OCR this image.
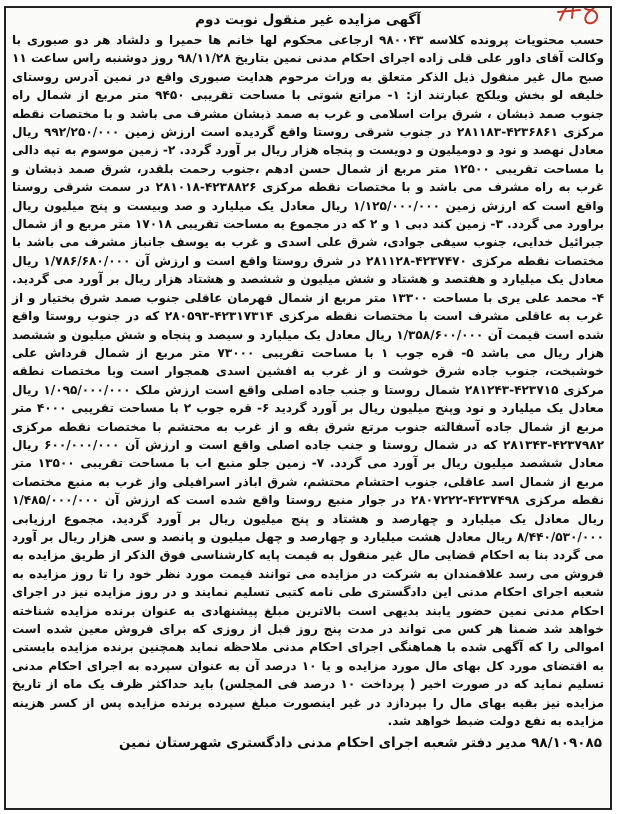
آگهی مزایده غیر منقول نوبت دوم

حسب محتویات پرونده کلاسه ۹۸۰۰۴۳ ارجاعی محکوم لها خانم ها حمیرا و دلشاد هر دو صبوری با وکالت آقای داور علی قلی زاده اجرای احکام مدنی نمین بتاریخ ۹۸/۱۱/۲۸ روز دوشنبه راس ساعت ۱۱ صبح مال غیر منقول ذیل الذکر متعلق به وراث مرحوم هدایت صبوری واقع در نمین آدرس روستای خلیفه لو بخش ویلکج عبارتند از: ۱- مراتع شوتی با مساحت تقریبی ۹۴۵۰ متر مربع از شمال راه جنوب صمد ذبشان ، شرق برات اسلامی و غرب به صمد ذبشان مشرف می باشد و با مختصات نقطه مرکزی ۴۲۳۶۸۶۱-۲۸۱۱۸۳ در جنوب شرقی روستا واقع گردیده است ارزش زمین ۹۹۲/۲۵۰/۰۰۰ ریال معادل نهصد و نود و دومیلیون و دویست و پنجاه هزار ریال بر آورد گردد. ۲- زمین موسوم به تپه دالی با مساحت تقریبی ۱۲۵۰۰ متر مربع از شمال حسن ادهم ،جنوب رحمت بلقدر، شرق صمد ذبشان و غرب به راه مشرف می باشد و با مختصات نقطه مرکزی ۴۲۳۸۸۲۶-۲۸۱۰۱۸ در سمت شرقی روستا واقع است که ارزش زمین ۱/۱۲۵/۰۰۰/۰۰۰ ریال معادل یک میلیارد و صد وبیست و پنج میلیون ریال براورد می گردد. ۳- زمین کند دبی ۱ و ۲ که در مجموع به مساحت تقریبی ۱۷۰۱۸ متر مربع و از شمال جبرائیل خدایی، جنوب سیفی جوادی، شرق علی اسدی و غرب به یوسف جانباز مشرف می باشد با مختصات نقطه مرکزی ۴۲۳۷۴۷۰-۲۸۱۱۲۸ در شرق روستا واقع است و ارزش آن ۱/۷۸۶/۶۸۰/۰۰۰ ریال معادل یک میلیارد و هفتصد و هشتاد و شش میلیون و ششصد و هشتاد هزار ریال بر آورد می گردید. ۴- محمد علی یری با مساحت ۱۳۳۰۰ متر مربع از شمال قهرمان عاقلی جنوب صمد شرق بختیار و از غرب به عاقلی مشرف است با مختصات نقطه مرکزی ۴۲۳۱۷۳۱۴-۲۸۰۵۹۳ که در جنوب روستا واقع شده است قیمت آن ۱/۳۵۸/۶۰۰/۰۰۰ ریال معادل یک میلیارد و سیصد و پنجاه و شش میلیون و ششصد هزار ریال می باشد ۵- قره جوب ۱ با مساحت تقریبی ۷۳۰۰۰ متر مربع از شمال قرداش علی خوشبخت، جنوب جاده شرق خوشت و از غرب به افشین اسدی همجوار است وبا مختصات نطقه مرکزی ۴۲۳۷۱۵-۲۸۱۲۴۳ شمال روستا و جنب جاده اصلی واقع است ارزش ملک ۱/۰۹۵/۰۰۰/۰۰۰ ریال معادل یک میلیارد و نود وپنج میلیون ریال بر آورد گردید ۶- قره جوب ۲ با مساحت تقریبی ۴۰۰۰ متر مربع از شمال جاده آسفالته جنوب مرتع شرق بقه و از غرب به محتشم با مختصات نقطه مرکزی ۴۲۳۷۹۸۲-۲۸۱۳۴۳ که در شمال روستا و جنب جاده اصلی واقع است و ارزش آن ۶۰۰/۰۰۰/۰۰۰ ریال معادل ششصد میلیون ریال بر آورد می گردد. ۷- زمین جلو منبع اب با مساحت تقریبی ۱۳۵۰۰ متر مربع از شمال اسد عاقلی، جنوب احتشام محتشم، شرق اباذر اسرافیلی واز غرب به منبع مختصات نقطه مرکزی ۴۲۳۷۴۹۸-۲۸۰۷۲۲۲ در جوار منبع روستا واقع شده است که ارزش آن ۱/۴۸۵/۰۰۰/۰۰۰ ریال معادل یک میلیارد و چهارصد و هشتاد و پنج میلیون ریال بر آورد گردید. مجموع ارزیابی ۸/۴۴۰/۵۳۰/۰۰۰ ریال معادل هشت میلیارد و چهارصد و چهل میلیون و پانصد و سی هزار ریال بر آورد می گردد بنا به احکام قضایی مال غیر منقول به قیمت پایه کارشناسی فوق الذکر از طریق مزایده به فروش می رسد علاقمندان به شرکت در مزایده می توانند قیمت مورد نظر خود را تا روز مزایده به شعبه اجرای احکام مدنی این دادگستری طی نامه کتبی تسلیم نمایند و در روز مزایده نیز در اجرای احکام مدنی نمین حضور یابند بدیهی است بالاترین مبلغ پیشنهادی به عنوان برنده مزایده شناخته خواهد شد ضمنا هر کس می تواند در مدت پنج روز قبل از روزی که برای فروش معین شده است اموالی را که آگهی شده با هماهنگی اجرای احکام مدنی ملاحظه نماید همچنین برنده مزایده بایستی به اقتضای مورد کل بهای مال مورد مزایده و یا ۱۰ درصد آن به عنوان سپرده به اجرای احکام مدنی تسلیم نماید که در صورت اخیر ( پرداخت ۱۰ درصد فی المجلس) باید حداکثر ظرف یک ماه از تاریخ مزایده نیز بقیه بهای مال را بپردازد در غیر اینصورت مبلغ سپرده برنده مزایده پس از کسر هزینه مزایده به نفع دولت ضبط خواهد شد.

۹۸/۱۰۹۰۸۵ مدیر دفتر شعبه اجرای احکام مدنی دادگستری شهرستان نمین
